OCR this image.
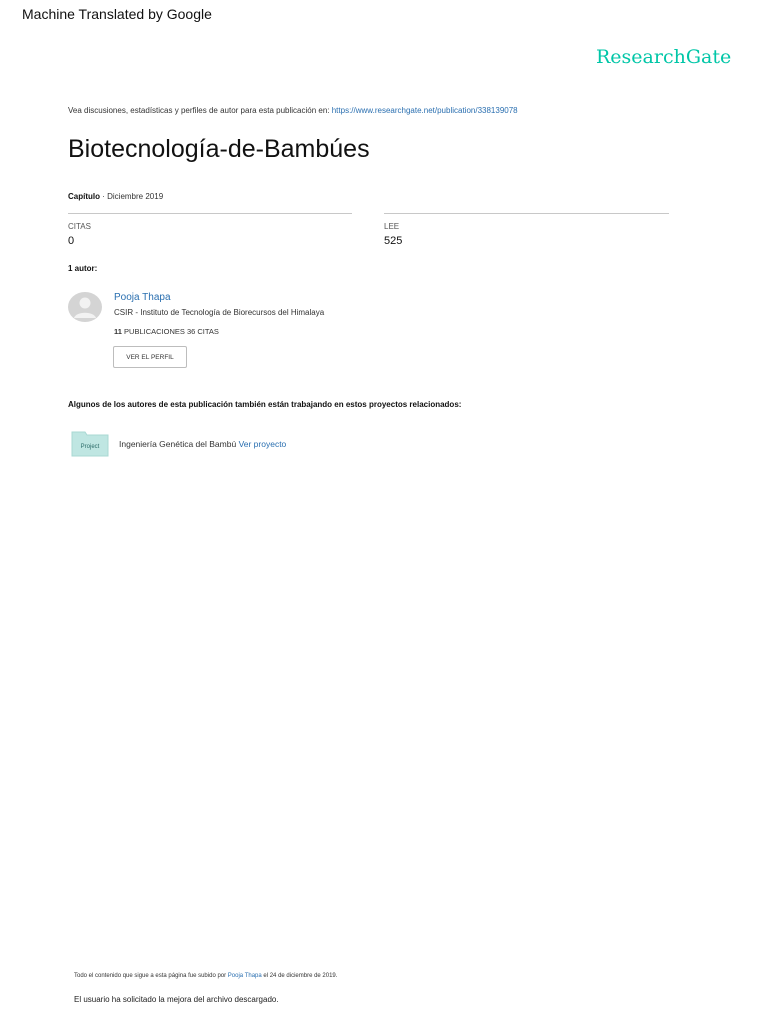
Machine Translated by Google
ResearchGate
Vea discusiones, estadísticas y perfiles de autor para esta publicación en: https://www.researchgate.net/publication/338139078
Biotecnología-de-Bambúes
Capítulo · Diciembre 2019
CITAS
0
LEE
525
1 autor:
Pooja Thapa
CSIR - Instituto de Tecnología de Biorecursos del Himalaya
11 PUBLICACIONES 36 CITAS
VER EL PERFIL
Algunos de los autores de esta publicación también están trabajando en estos proyectos relacionados:
Project Ingeniería Genética del Bambú Ver proyecto
Todo el contenido que sigue a esta página fue subido por Pooja Thapa el 24 de diciembre de 2019.
El usuario ha solicitado la mejora del archivo descargado.
